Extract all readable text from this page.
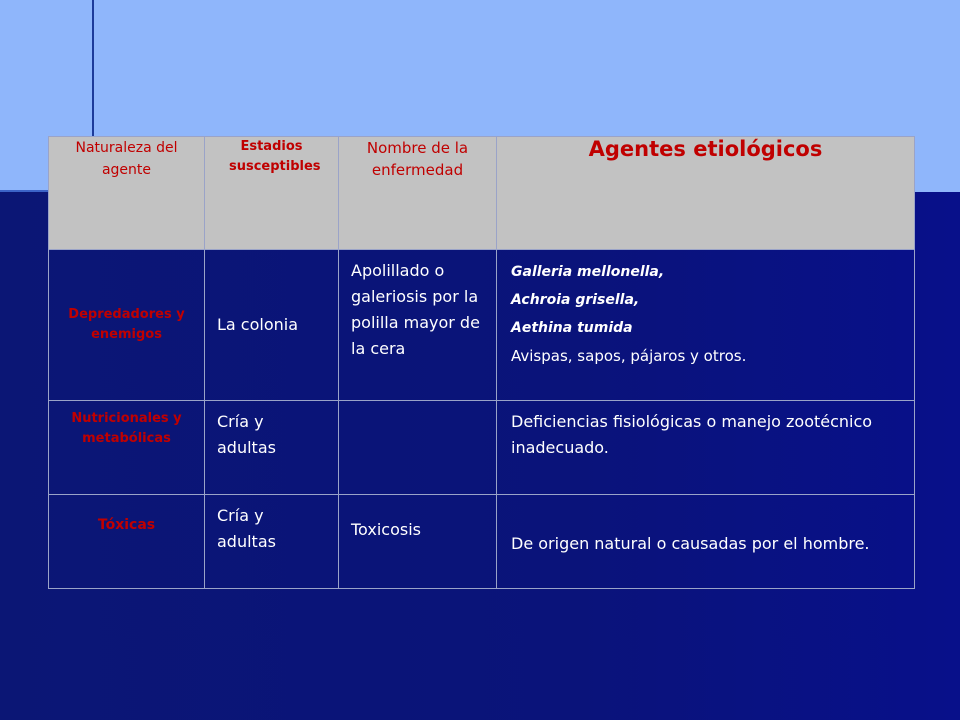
Naturaleza del agente	Estadios susceptibles	Nombre de la enfermedad	Agentes etiológicos

Depredadores y enemigos	La colonia	Apolillado o galeriosis por la polilla mayor de la cera	Galleria mellonella,
Achroia grisella,
Aethina tumida
Avispas, sapos, pájaros y otros.

Nutricionales y metabólicas	Cría y adultas		Deficiencias fisiológicas o manejo zootécnico inadecuado.

Tóxicas	Cría y adultas	Toxicosis	De origen natural o causadas por el hombre.
